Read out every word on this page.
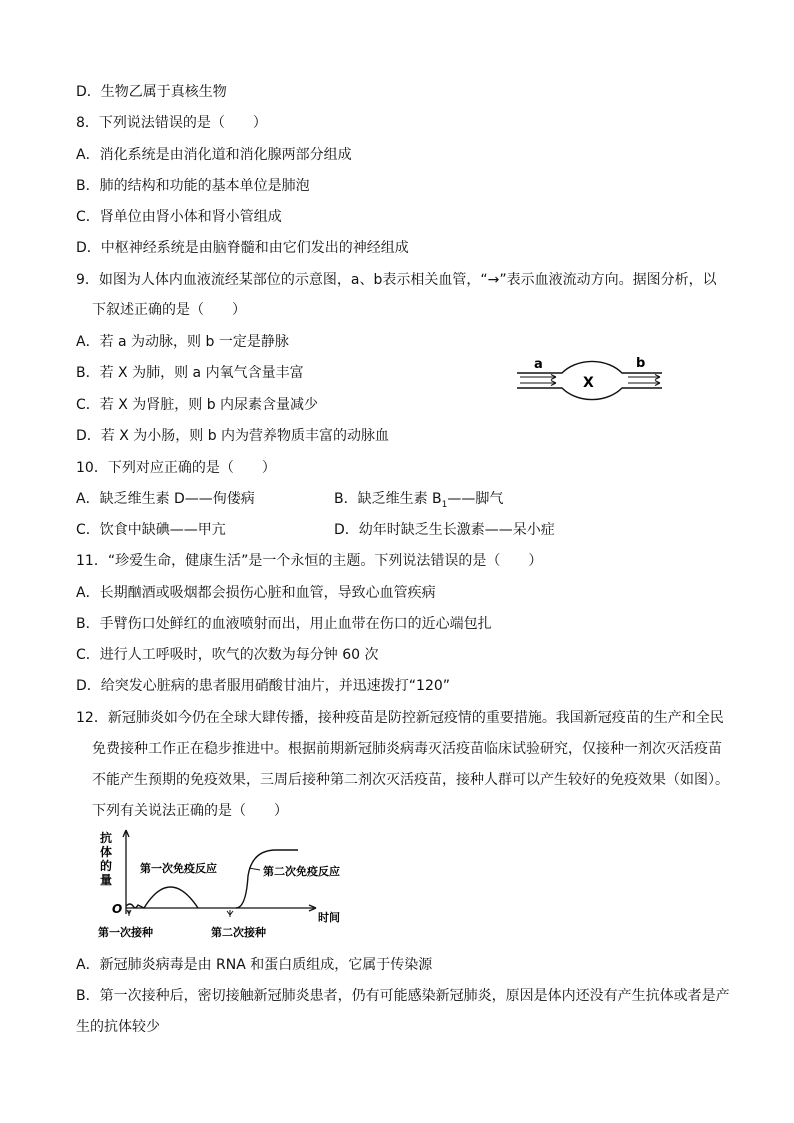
D．生物乙属于真核生物
8．下列说法错误的是（　　）
A．消化系统是由消化道和消化腺两部分组成
B．肺的结构和功能的基本单位是肺泡
C．肾单位由肾小体和肾小管组成
D．中枢神经系统是由脑脊髓和由它们发出的神经组成
9．如图为人体内血液流经某部位的示意图，a、b表示相关血管，“→”表示血液流动方向。据图分析，以
下叙述正确的是（　　）
A．若 a 为动脉，则 b 一定是静脉
B．若 X 为肺，则 a 内氧气含量丰富
C．若 X 为肾脏，则 b 内尿素含量减少
D．若 X 为小肠，则 b 内为营养物质丰富的动脉血
a	b
X
10．下列对应正确的是（　　）
A．缺乏维生素 D——佝偻病	B．缺乏维生素 $B_1——$脚气
C．饮食中缺碘——甲亢	D．幼年时缺乏生长激素——呆小症
11．“珍爱生命，健康生活”是一个永恒的主题。下列说法错误的是（　　）
A．长期酗酒或吸烟都会损伤心脏和血管，导致心血管疾病
B．手臂伤口处鲜红的血液喷射而出，用止血带在伤口的近心端包扎
C．进行人工呼吸时，吹气的次数为每分钟 60 次
D．给突发心脏病的患者服用硝酸甘油片，并迅速拨打“120”
12．新冠肺炎如今仍在全球大肆传播，接种疫苗是防控新冠疫情的重要措施。我国新冠疫苗的生产和全民
免费接种工作正在稳步推进中。根据前期新冠肺炎病毒灭活疫苗临床试验研究，仅接种一剂次灭活疫苗
不能产生预期的免疫效果，三周后接种第二剂次灭活疫苗，接种人群可以产生较好的免疫效果（如图）。
下列有关说法正确的是（　　）
抗
体
的
量
O
时间
第一次免疫反应	第二次免疫反应
第一次接种	第二次接种
A．新冠肺炎病毒是由 RNA 和蛋白质组成，它属于传染源
B．第一次接种后，密切接触新冠肺炎患者，仍有可能感染新冠肺炎，原因是体内还没有产生抗体或者是产
生的抗体较少
